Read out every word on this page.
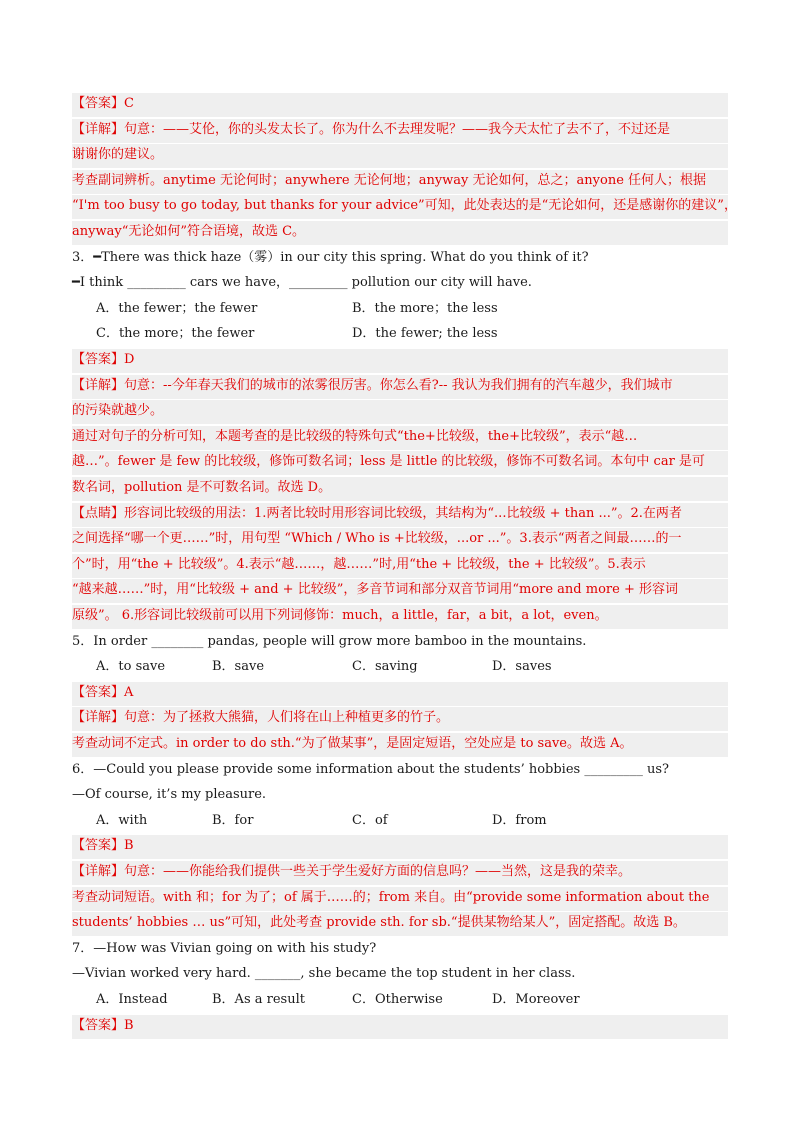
【答案】C
【详解】句意：——艾伦，你的头发太长了。你为什么不去理发呢？——我今天太忙了去不了，不过还是
谢谢你的建议。
考查副词辨析。anytime 无论何时；anywhere 无论何地；anyway 无论如何，总之；anyone 任何人；根据
“I'm too busy to go today, but thanks for your advice”可知，此处表达的是“无论如何，还是感谢你的建议”，
anyway“无论如何”符合语境，故选 C。
3．━There was thick haze（雾）in our city this spring. What do you think of it?
━I think _________ cars we have，_________ pollution our city will have.
A．the fewer；the fewer	B．the more；the less
C．the more；the fewer	D．the fewer; the less
【答案】D
【详解】句意：--今年春天我们的城市的浓雾很厉害。你怎么看?-- 我认为我们拥有的汽车越少，我们城市
的污染就越少。
通过对句子的分析可知，本题考查的是比较级的特殊句式“the+比较级，the+比较级”，表示“越…
越…”。fewer 是 few 的比较级，修饰可数名词；less 是 little 的比较级，修饰不可数名词。本句中 car 是可
数名词，pollution 是不可数名词。故选 D。
【点睛】形容词比较级的用法：1.两者比较时用形容词比较级，其结构为“...比较级 + than ...”。2.在两者
之间选择“哪一个更……”时，用句型 “Which / Who is +比较级，...or ...”。3.表示“两者之间最……的一
个”时，用“the + 比较级”。4.表示“越……，越……”时,用“the + 比较级，the + 比较级”。5.表示
“越来越……”时，用“比较级 + and + 比较级”，多音节词和部分双音节词用“more and more + 形容词
原级”。 6.形容词比较级前可以用下列词修饰：much，a little，far，a bit，a lot，even。
5．In order ________ pandas, people will grow more bamboo in the mountains.
A．to save	B．save	C．saving	D．saves
【答案】A
【详解】句意：为了拯救大熊猫，人们将在山上种植更多的竹子。
考查动词不定式。in order to do sth.“为了做某事”，是固定短语，空处应是 to save。故选 A。
6．—Could you please provide some information about the students’ hobbies _________ us?
—Of course, it’s my pleasure.
A．with	B．for	C．of	D．from
【答案】B
【详解】句意：——你能给我们提供一些关于学生爱好方面的信息吗？——当然，这是我的荣幸。
考查动词短语。with 和；for 为了；of 属于……的；from 来自。由“provide some information about the
students’ hobbies … us”可知，此处考查 provide sth. for sb.“提供某物给某人”，固定搭配。故选 B。
7．—How was Vivian going on with his study?
—Vivian worked very hard. _______, she became the top student in her class.
A．Instead	B．As a result	C．Otherwise	D．Moreover
【答案】B
